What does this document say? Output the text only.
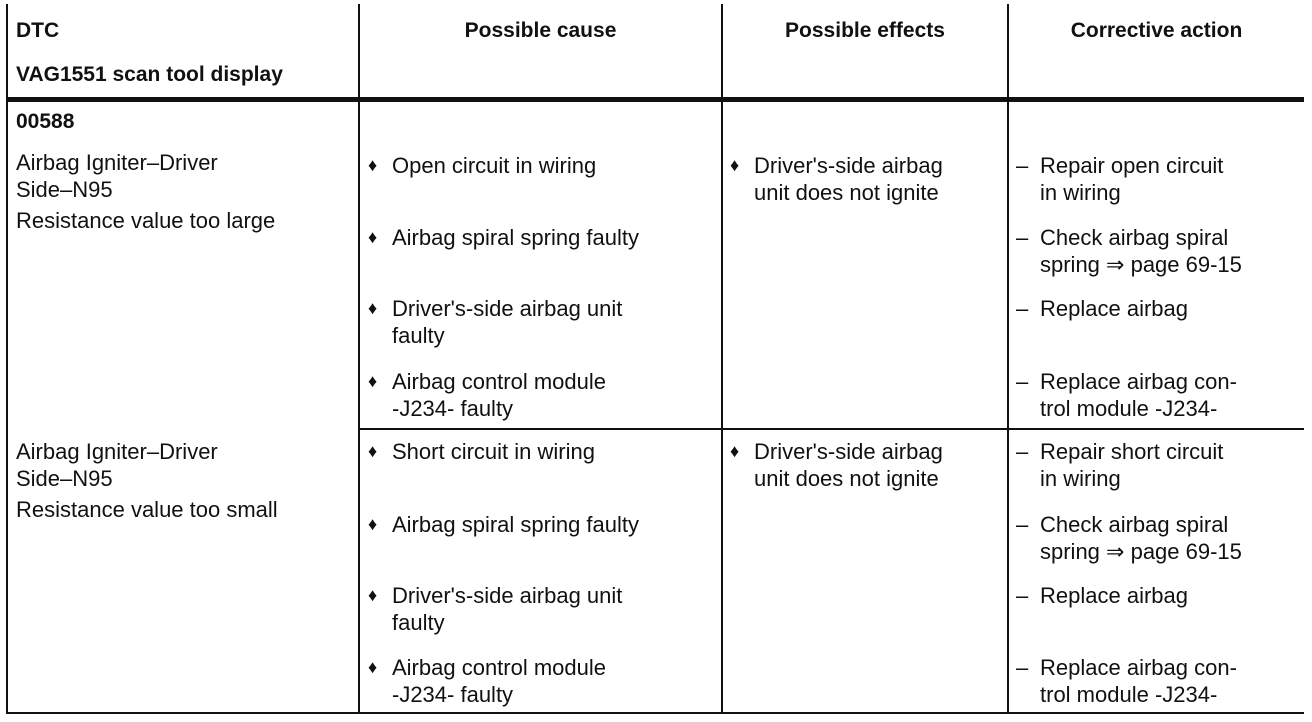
DTC
VAG1551 scan tool display
Possible cause	Possible effects	Corrective action
00588
Airbag Igniter–Driver
Side–N95
Resistance value too large
Airbag Igniter–Driver
Side–N95
Resistance value too small
♦ Open circuit in wiring
♦ Airbag spiral spring faulty
♦ Driver's-side airbag unit
faulty
♦ Airbag control module
-J234- faulty
♦ Driver's-side airbag
unit does not ignite
– Repair open circuit
in wiring
– Check airbag spiral
spring ⇒ page 69-15
– Replace airbag
– Replace airbag con-
trol module -J234-
♦ Short circuit in wiring
♦ Airbag spiral spring faulty
♦ Driver's-side airbag unit
faulty
♦ Airbag control module
-J234- faulty
♦ Driver's-side airbag
unit does not ignite
– Repair short circuit
in wiring
– Check airbag spiral
spring ⇒ page 69-15
– Replace airbag
– Replace airbag con-
trol module -J234-
